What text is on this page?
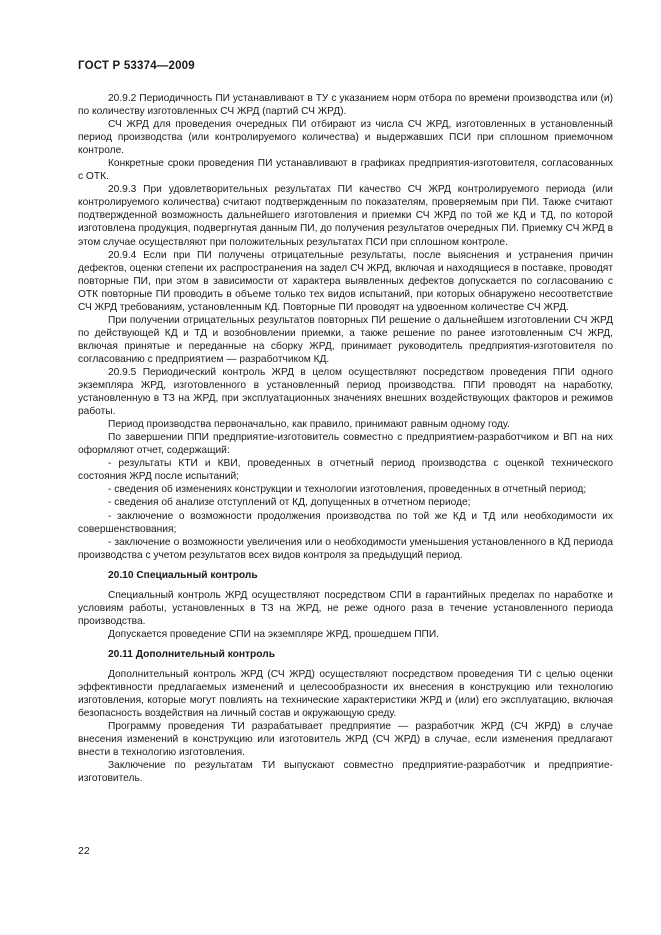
ГОСТ Р 53374—2009

20.9.2 Периодичность ПИ устанавливают в ТУ с указанием норм отбора по времени производства или (и) по количеству изготовленных СЧ ЖРД (партий СЧ ЖРД).

СЧ ЖРД для проведения очередных ПИ отбирают из числа СЧ ЖРД, изготовленных в установленный период производства (или контролируемого количества) и выдержавших ПСИ при сплошном приемочном контроле.

Конкретные сроки проведения ПИ устанавливают в графиках предприятия-изготовителя, согласованных с ОТК.

20.9.3 При удовлетворительных результатах ПИ качество СЧ ЖРД контролируемого периода (или контролируемого количества) считают подтвержденным по показателям, проверяемым при ПИ. Также считают подтвержденной возможность дальнейшего изготовления и приемки СЧ ЖРД по той же КД и ТД, по которой изготовлена продукция, подвергнутая данным ПИ, до получения результатов очередных ПИ. Приемку СЧ ЖРД в этом случае осуществляют при положительных результатах ПСИ при сплошном контроле.

20.9.4 Если при ПИ получены отрицательные результаты, после выяснения и устранения причин дефектов, оценки степени их распространения на задел СЧ ЖРД, включая и находящиеся в поставке, проводят повторные ПИ, при этом в зависимости от характера выявленных дефектов допускается по согласованию с ОТК повторные ПИ проводить в объеме только тех видов испытаний, при которых обнаружено несоответствие СЧ ЖРД требованиям, установленным КД. Повторные ПИ проводят на удвоенном количестве СЧ ЖРД.

При получении отрицательных результатов повторных ПИ решение о дальнейшем изготовлении СЧ ЖРД по действующей КД и ТД и возобновлении приемки, а также решение по ранее изготовленным СЧ ЖРД, включая принятые и переданные на сборку ЖРД, принимает руководитель предприятия-изготовителя по согласованию с предприятием — разработчиком КД.

20.9.5 Периодический контроль ЖРД в целом осуществляют посредством проведения ППИ одного экземпляра ЖРД, изготовленного в установленный период производства. ППИ проводят на наработку, установленную в ТЗ на ЖРД, при эксплуатационных значениях внешних воздействующих факторов и режимов работы.

Период производства первоначально, как правило, принимают равным одному году.

По завершении ППИ предприятие-изготовитель совместно с предприятием-разработчиком и ВП на них оформляют отчет, содержащий:

- результаты КТИ и КВИ, проведенных в отчетный период производства с оценкой технического состояния ЖРД после испытаний;

- сведения об изменениях конструкции и технологии изготовления, проведенных в отчетный период;

- сведения об анализе отступлений от КД, допущенных в отчетном периоде;

- заключение о возможности продолжения производства по той же КД и ТД или необходимости их совершенствования;

- заключение о возможности увеличения или о необходимости уменьшения установленного в КД периода производства с учетом результатов всех видов контроля за предыдущий период.

20.10 Специальный контроль

Специальный контроль ЖРД осуществляют посредством СПИ в гарантийных пределах по наработке и условиям работы, установленных в ТЗ на ЖРД, не реже одного раза в течение установленного периода производства.

Допускается проведение СПИ на экземпляре ЖРД, прошедшем ППИ.

20.11 Дополнительный контроль

Дополнительный контроль ЖРД (СЧ ЖРД) осуществляют посредством проведения ТИ с целью оценки эффективности предлагаемых изменений и целесообразности их внесения в конструкцию или технологию изготовления, которые могут повлиять на технические характеристики ЖРД и (или) его эксплуатацию, включая безопасность воздействия на личный состав и окружающую среду.

Программу проведения ТИ разрабатывает предприятие — разработчик ЖРД (СЧ ЖРД) в случае внесения изменений в конструкцию или изготовитель ЖРД (СЧ ЖРД) в случае, если изменения предлагают внести в технологию изготовления.

Заключение по результатам ТИ выпускают совместно предприятие-разработчик и предприятие-изготовитель.

22
